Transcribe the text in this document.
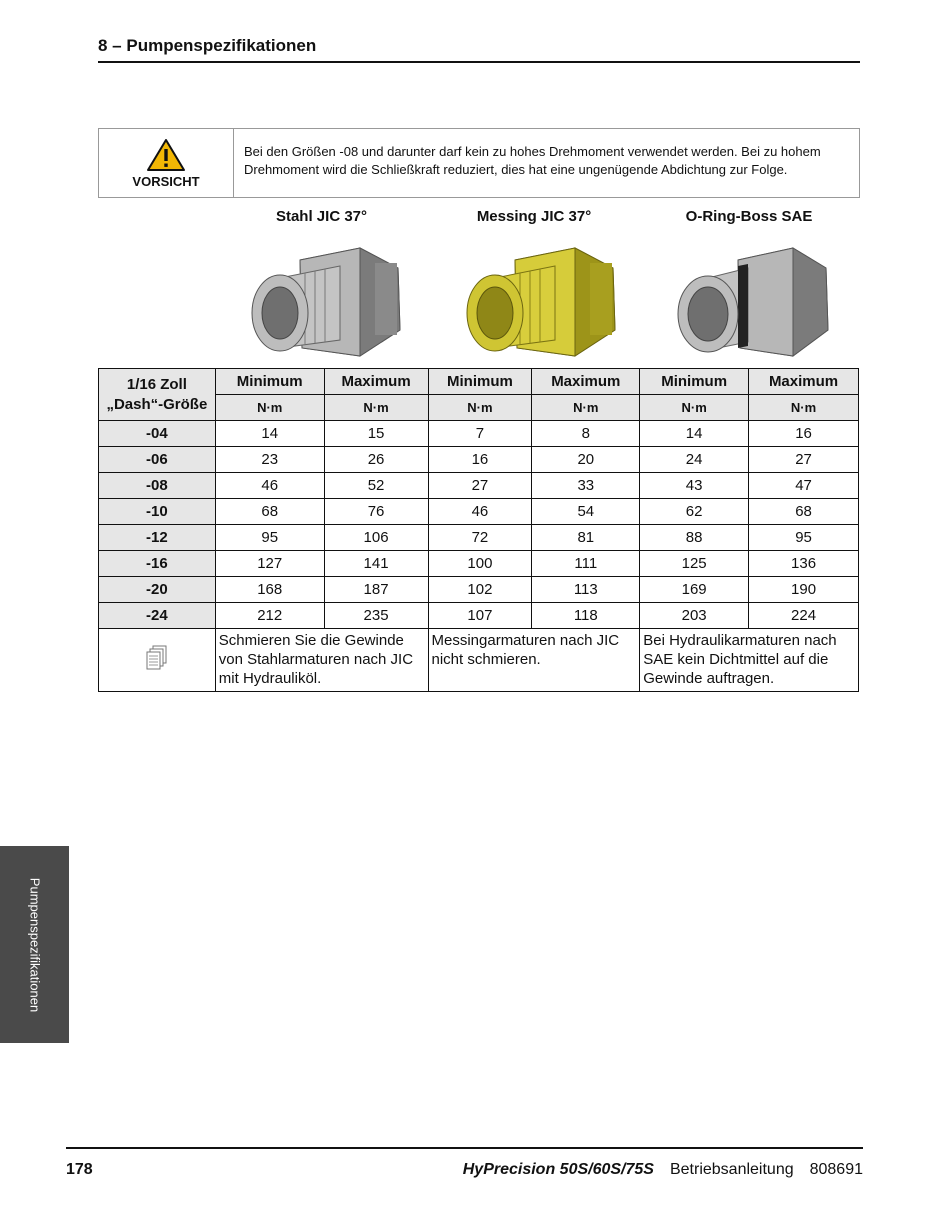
8 – Pumpenspezifikationen
VORSICHT
Bei den Größen -08 und darunter darf kein zu hohes Drehmoment verwendet werden. Bei zu hohem Drehmoment wird die Schließkraft reduziert, dies hat eine ungenügende Abdichtung zur Folge.
Stahl JIC 37°	Messing JIC 37°	O-Ring-Boss SAE
1/16 Zoll
„Dash“-Größe	Minimum	Maximum	Minimum	Maximum	Minimum	Maximum
	N·m	N·m	N·m	N·m	N·m	N·m
-04	14	15	7	8	14	16
-06	23	26	16	20	24	27
-08	46	52	27	33	43	47
-10	68	76	46	54	62	68
-12	95	106	72	81	88	95
-16	127	141	100	111	125	136
-20	168	187	102	113	169	190
-24	212	235	107	118	203	224
	Schmieren Sie die Gewinde von Stahlarmaturen nach JIC mit Hydrauliköl.		Messingarmaturen nach JIC nicht schmieren.		Bei Hydraulikarmaturen nach SAE kein Dichtmittel auf die Gewinde auftragen.	
Pumpenspezifikationen
178	HyPrecision 50S/60S/75S Betriebsanleitung 808691
